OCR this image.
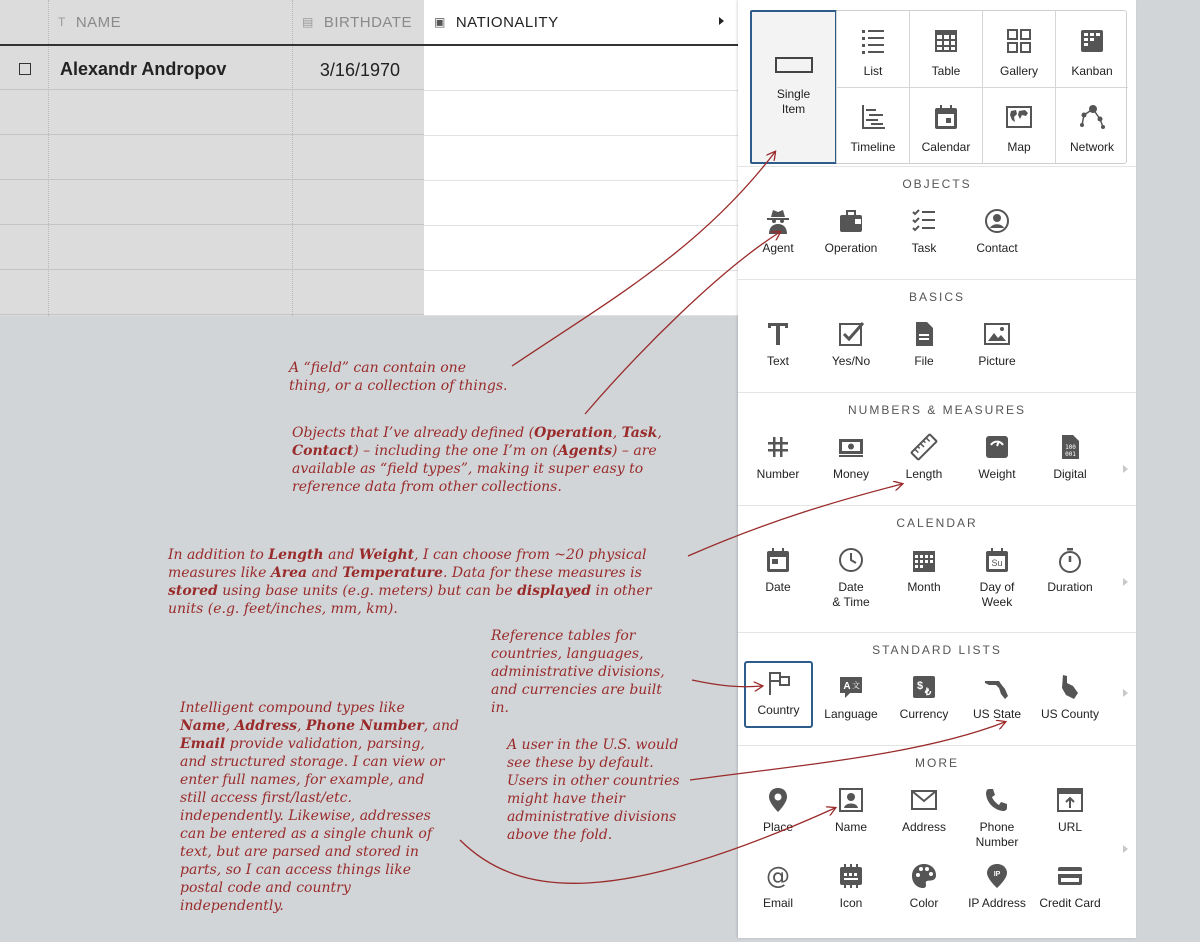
T NAME	▤ BIRTHDATE ▣ NATIONALITY
Alexandr Andropov	3/16/1970
Single
Item
List	Table	Gallery	Kanban
Timeline Calendar	Map	Network
OBJECTS
Agent	Operation	Task	Contact
BASICS
Text	Yes/No	File	Picture
NUMBERS & MEASURES
Number	Money	Length	Weight
100
001
Digital
CALENDAR
Date	Date
& Time
Month
Su
Day of
Week
Duration
STANDARD LISTS
Country
A 文
Language
$
₺
Currency US State US County
MORE
Place	Name	Address	Phone
Number
URL
@
Email	Icon	Color
IP
IP Address Credit Card
A “field” can contain one
thing, or a collection of things.
Objects that I’ve already defined (Operation, Task,
Contact) – including the one I’m on (Agents) – are
available as “field types”, making it super easy to
reference data from other collections.
In addition to Length and Weight, I can choose from ~20 physical
measures like Area and Temperature. Data for these measures is
stored using base units (e.g. meters) but can be displayed in other
units (e.g. feet/inches, mm, km).
Reference tables for
countries, languages,
administrative divisions,
and currencies are built
in.
A user in the U.S. would
see these by default.
Users in other countries
might have their
administrative divisions
above the fold.
Intelligent compound types like
Name, Address, Phone Number, and
Email provide validation, parsing,
and structured storage. I can view or
enter full names, for example, and
still access first/last/etc.
independently. Likewise, addresses
can be entered as a single chunk of
text, but are parsed and stored in
parts, so I can access things like
postal code and country
independently.
